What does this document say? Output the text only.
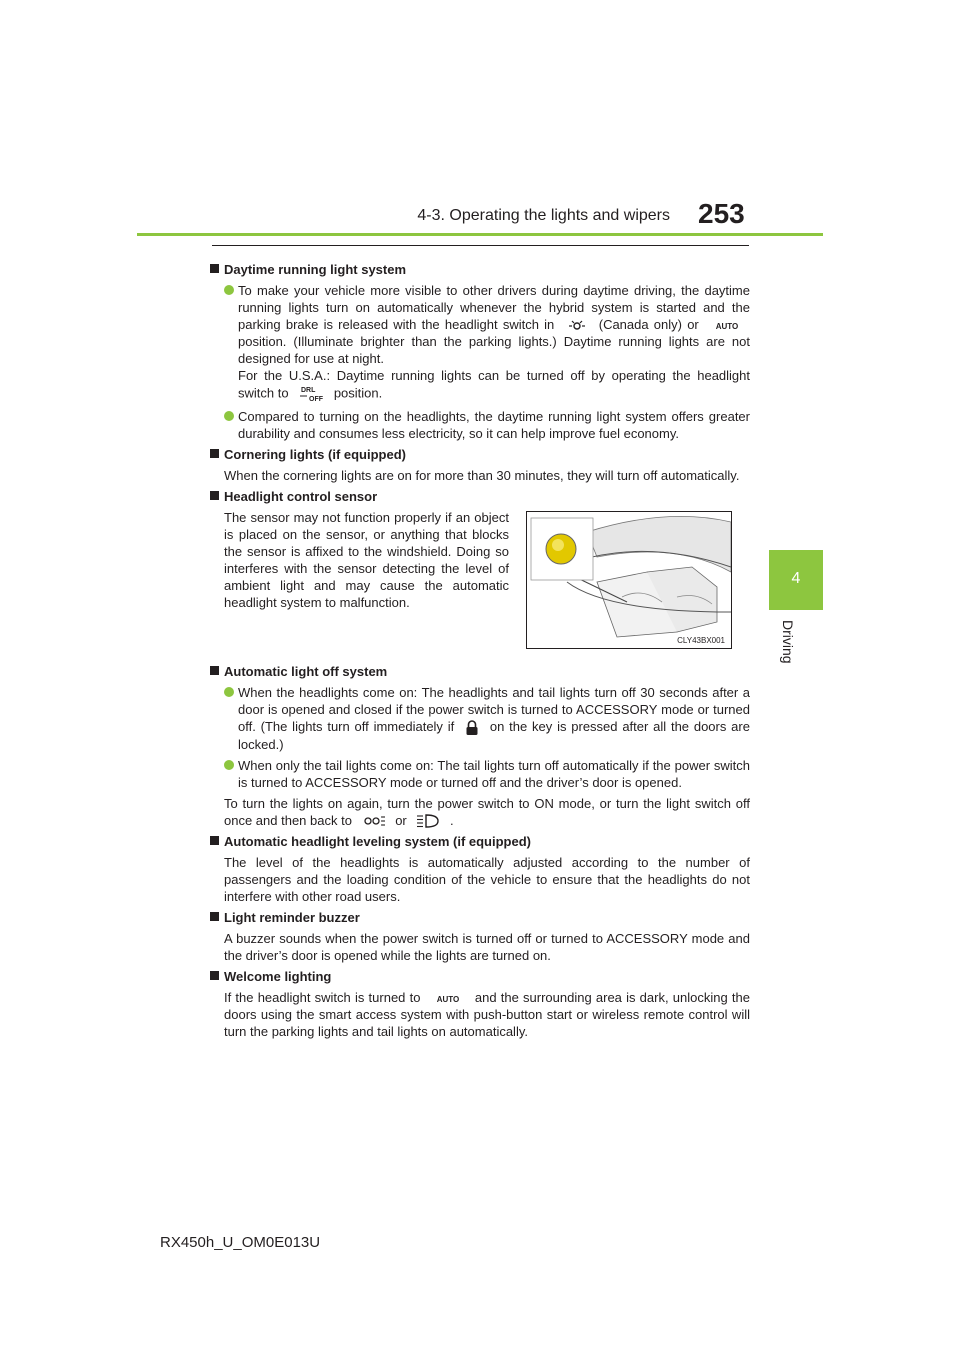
4-3. Operating the lights and wipers 253
4
Driving
Daytime running light system
To make your vehicle more visible to other drivers during daytime driving, the daytime running lights turn on automatically whenever the hybrid system is started and the parking brake is released with the headlight switch in	(Canada only) or AUTO
position. (Illuminate brighter than the parking lights.) Daytime running lights are not designed for use at night.
For the U.S.A.: Daytime running lights can be turned off by operating the headlight switch to DRL
OFF position.
Compared to turning on the headlights, the daytime running light system offers greater durability and consumes less electricity, so it can help improve fuel economy.
Cornering lights (if equipped)
When the cornering lights are on for more than 30 minutes, they will turn off automatically.
Headlight control sensor
The sensor may not function properly if an object is placed on the sensor, or anything that blocks the sensor is affixed to the windshield. Doing so interferes with the sensor detecting the level of ambient light and may cause the automatic headlight system to malfunction.
CLY43BX001
Automatic light off system
When the headlights come on: The headlights and tail lights turn off 30 seconds after a door is opened and closed if the power switch is turned to ACCESSORY mode or turned off. (The lights turn off immediately if	on the key is pressed after all the doors are locked.)
When only the tail lights come on: The tail lights turn off automatically if the power switch is turned to ACCESSORY mode or turned off and the driver’s door is opened.
To turn the lights on again, turn the power switch to ON mode, or turn the light switch off once and then back to	or	.
Automatic headlight leveling system (if equipped)
The level of the headlights is automatically adjusted according to the number of passengers and the loading condition of the vehicle to ensure that the headlights do not interfere with other road users.
Light reminder buzzer
A buzzer sounds when the power switch is turned off or turned to ACCESSORY mode and the driver’s door is opened while the lights are turned on.
Welcome lighting
If the headlight switch is turned to AUTO and the surrounding area is dark, unlocking the doors using the smart access system with push-button start or wireless remote control will turn the parking lights and tail lights on automatically.
RX450h_U_OM0E013U
